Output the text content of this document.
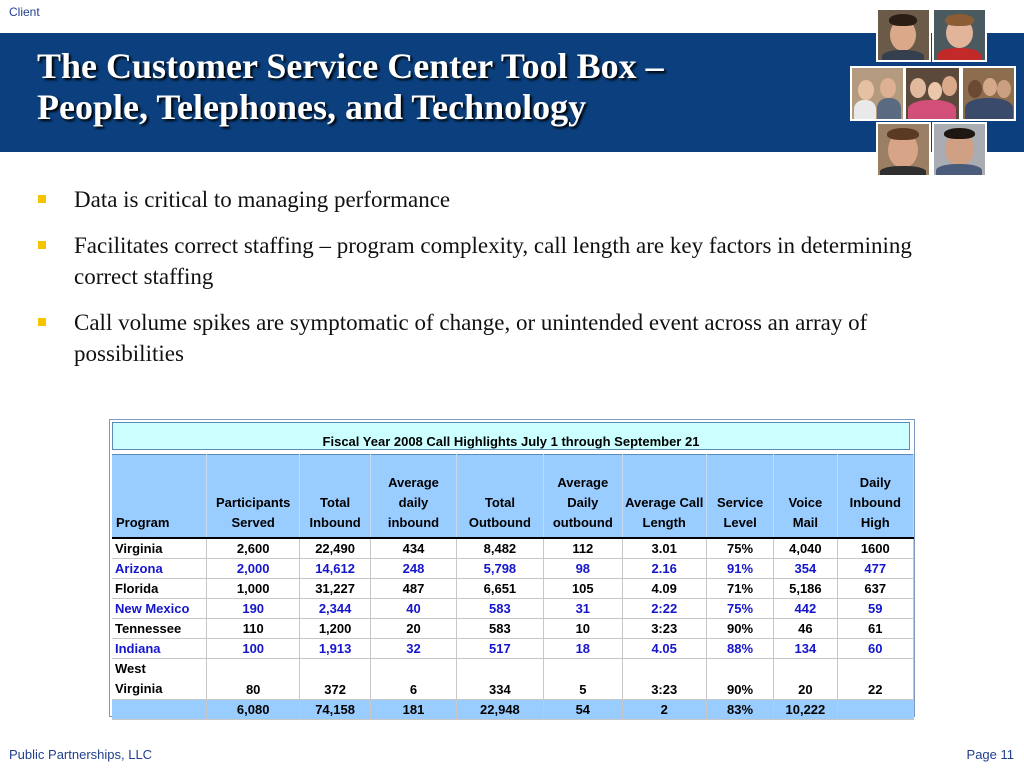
Client
The Customer Service Center Tool Box –
People, Telephones, and Technology
Data is critical to managing performance
Facilitates correct staffing – program complexity, call length are key factors in determining correct staffing
Call volume spikes are symptomatic of change, or unintended event across an array of possibilities
Fiscal Year 2008 Call Highlights July 1 through September 21
Program	Participants Served	Total Inbound	Average daily inbound	Total Outbound	Average Daily outbound	Average Call Length	Service Level	Voice Mail	Daily Inbound High
Virginia	2,600	22,490	434	8,482	112	3.01	75%	4,040	1600
Arizona	2,000	14,612	248	5,798	98	2.16	91%	354	477
Florida	1,000	31,227	487	6,651	105	4.09	71%	5,186	637
New Mexico	190	2,344	40	583	31	2:22	75%	442	59
Tennessee	110	1,200	20	583	10	3:23	90%	46	61
Indiana	100	1,913	32	517	18	4.05	88%	134	60

West
Virginia	80	372	6	334	5	3:23	90%	20	22
	6,080	74,158	181	22,948	54	2	83%	10,222	
Public Partnerships, LLC	Page 11
